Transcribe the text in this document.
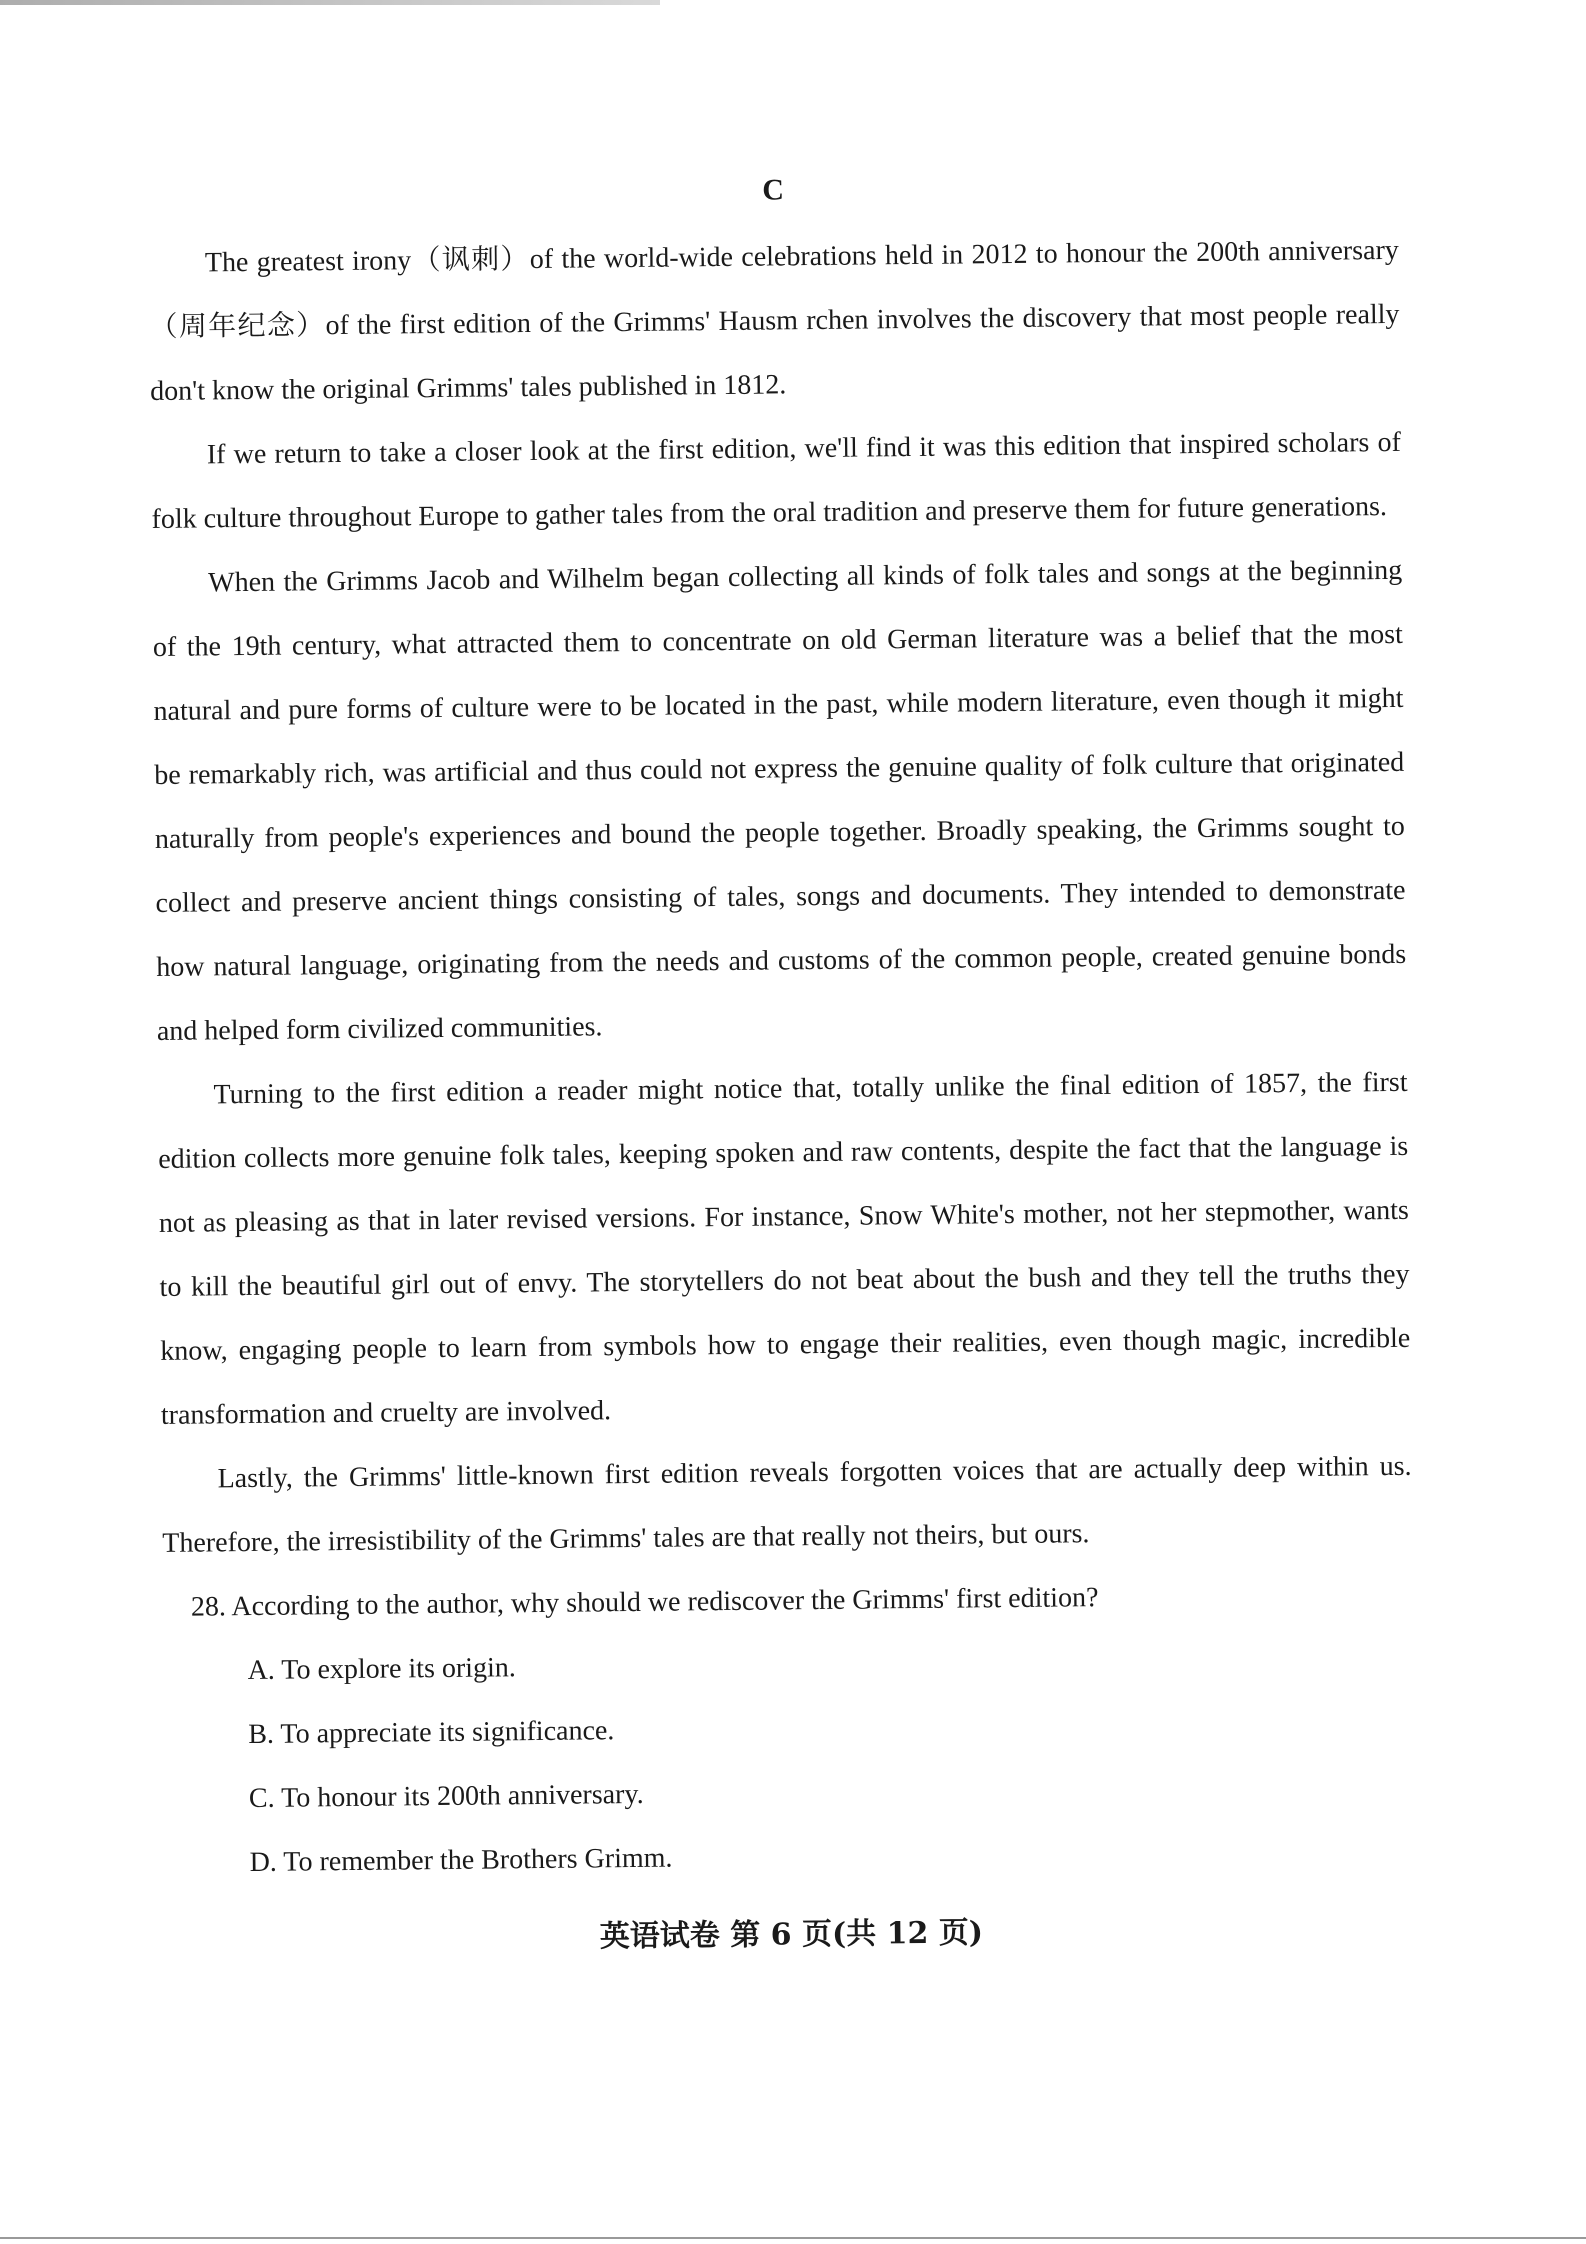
C

The greatest irony（讽刺）of the world-wide celebrations held in 2012 to honour the 200th anniversary（周年纪念）of the first edition of the Grimms' Hausm rchen involves the discovery that most people really don't know the original Grimms' tales published in 1812.

If we return to take a closer look at the first edition, we'll find it was this edition that inspired scholars of folk culture throughout Europe to gather tales from the oral tradition and preserve them for future generations.

When the Grimms Jacob and Wilhelm began collecting all kinds of folk tales and songs at the beginning of the 19th century, what attracted them to concentrate on old German literature was a belief that the most natural and pure forms of culture were to be located in the past, while modern literature, even though it might be remarkably rich, was artificial and thus could not express the genuine quality of folk culture that originated naturally from people's experiences and bound the people together. Broadly speaking, the Grimms sought to collect and preserve ancient things consisting of tales, songs and documents. They intended to demonstrate how natural language, originating from the needs and customs of the common people, created genuine bonds and helped form civilized communities.

Turning to the first edition a reader might notice that, totally unlike the final edition of 1857, the first edition collects more genuine folk tales, keeping spoken and raw contents, despite the fact that the language is not as pleasing as that in later revised versions. For instance, Snow White's mother, not her stepmother, wants to kill the beautiful girl out of envy. The storytellers do not beat about the bush and they tell the truths they know, engaging people to learn from symbols how to engage their realities, even though magic, incredible transformation and cruelty are involved.

Lastly, the Grimms' little-known first edition reveals forgotten voices that are actually deep within us. Therefore, the irresistibility of the Grimms' tales are that really not theirs, but ours.

28. According to the author, why should we rediscover the Grimms' first edition?

A. To explore its origin.

B. To appreciate its significance.

C. To honour its 200th anniversary.

D. To remember the Brothers Grimm.

英语试卷 第 6 页(共 12 页)
